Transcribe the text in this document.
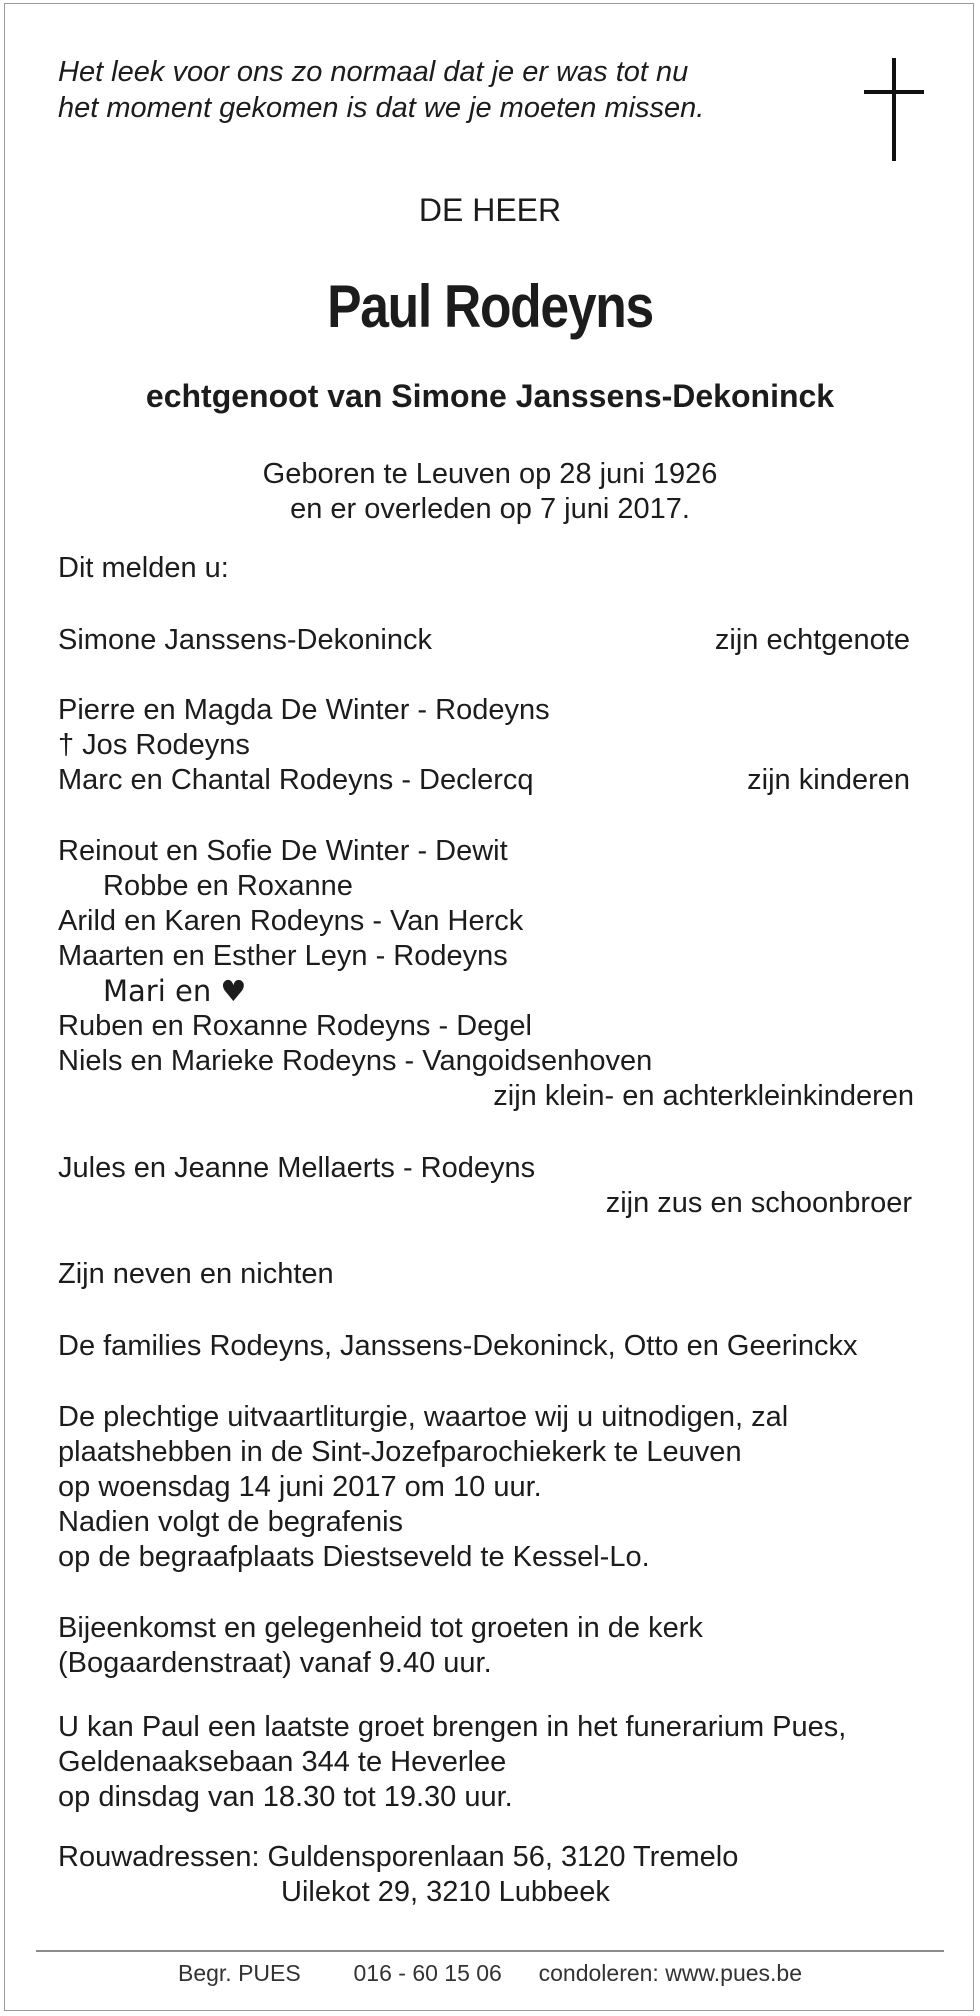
Het leek voor ons zo normaal dat je er was tot nu
het moment gekomen is dat we je moeten missen.
DE HEER
Paul Rodeyns
echtgenoot van Simone Janssens-Dekoninck
Geboren te Leuven op 28 juni 1926
en er overleden op 7 juni 2017.
Dit melden u:
Simone Janssens-Dekoninck	zijn echtgenote
Pierre en Magda De Winter - Rodeyns
† Jos Rodeyns
Marc en Chantal Rodeyns - Declercq	zijn kinderen
Reinout en Sofie De Winter - Dewit
Robbe en Roxanne
Arild en Karen Rodeyns - Van Herck
Maarten en Esther Leyn - Rodeyns
Mari en ♥
Ruben en Roxanne Rodeyns - Degel
Niels en Marieke Rodeyns - Vangoidsenhoven
zijn klein- en achterkleinkinderen
Jules en Jeanne Mellaerts - Rodeyns
zijn zus en schoonbroer
Zijn neven en nichten
De families Rodeyns, Janssens-Dekoninck, Otto en Geerinckx
De plechtige uitvaartliturgie, waartoe wij u uitnodigen, zal
plaatshebben in de Sint-Jozefparochiekerk te Leuven
op woensdag 14 juni 2017 om 10 uur.
Nadien volgt de begrafenis
op de begraafplaats Diestseveld te Kessel-Lo.
Bijeenkomst en gelegenheid tot groeten in de kerk
(Bogaardenstraat) vanaf 9.40 uur.
U kan Paul een laatste groet brengen in het funerarium Pues,
Geldenaaksebaan 344 te Heverlee
op dinsdag van 18.30 tot 19.30 uur.
Rouwadressen: Guldensporenlaan 56, 3120 Tremelo
Uilekot 29, 3210 Lubbeek
Begr. PUES 016 - 60 15 06 condoleren: www.pues.be
